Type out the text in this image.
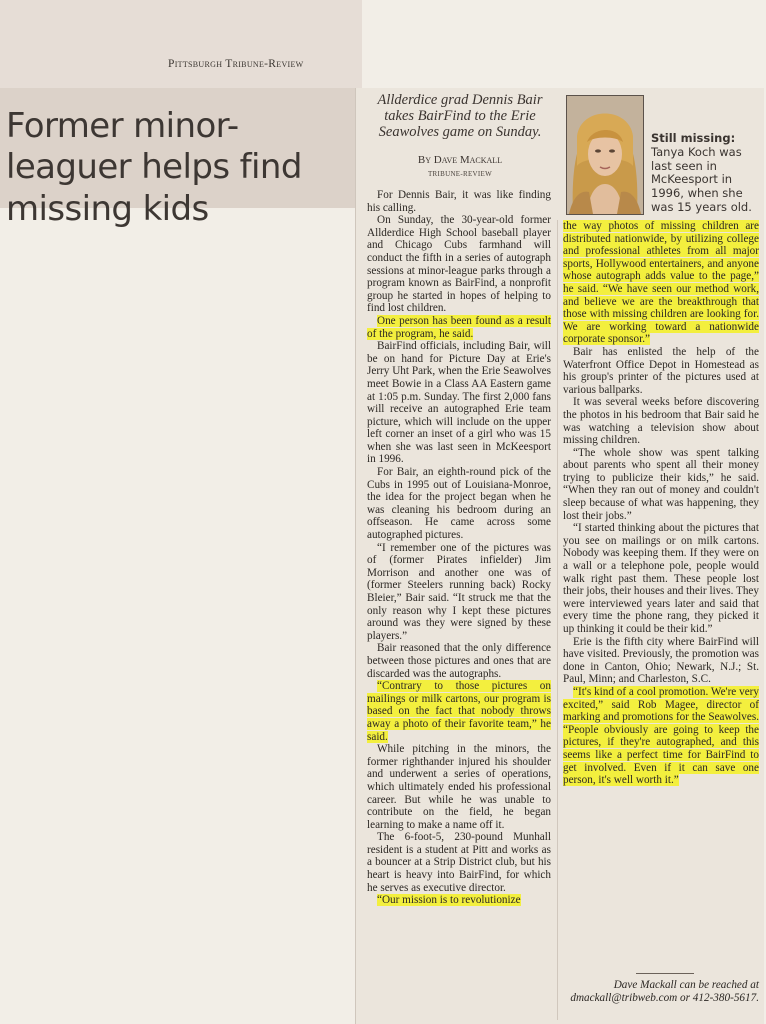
Pittsburgh Tribune-Review
Former minor-leaguer helps find missing kids
Allderdice grad Dennis Bair takes BairFind to the Erie Seawolves game on Sunday.
By Dave Mackall
TRIBUNE-REVIEW
Still missing:
Tanya Koch was last seen in McKeesport in 1996, when she was 15 years old.

For Dennis Bair, it was like finding his calling.

On Sunday, the 30-year-old former Allderdice High School baseball player and Chicago Cubs farmhand will conduct the fifth in a series of autograph sessions at minor-league parks through a program known as BairFind, a nonprofit group he started in hopes of helping to find lost children.

One person has been found as a result of the program, he said.

BairFind officials, including Bair, will be on hand for Picture Day at Erie's Jerry Uht Park, when the Erie Seawolves meet Bowie in a Class AA Eastern game at 1:05 p.m. Sunday. The first 2,000 fans will receive an autographed Erie team picture, which will include on the upper left corner an inset of a girl who was 15 when she was last seen in McKeesport in 1996.

For Bair, an eighth-round pick of the Cubs in 1995 out of Louisiana-Monroe, the idea for the project began when he was cleaning his bedroom during an offseason. He came across some autographed pictures.

“I remember one of the pictures was of (former Pirates infielder) Jim Morrison and another one was of (former Steelers running back) Rocky Bleier,” Bair said. “It struck me that the only reason why I kept these pictures around was they were signed by these players.”

Bair reasoned that the only difference between those pictures and ones that are discarded was the autographs.

“Contrary to those pictures on mailings or milk cartons, our program is based on the fact that nobody throws away a photo of their favorite team,” he said.

While pitching in the minors, the former righthander injured his shoulder and underwent a series of operations, which ultimately ended his professional career. But while he was unable to contribute on the field, he began learning to make a name off it.

The 6-foot-5, 230-pound Munhall resident is a student at Pitt and works as a bouncer at a Strip District club, but his heart is heavy into BairFind, for which he serves as executive director.

“Our mission is to revolutionize

the way photos of missing children are distributed nationwide, by utilizing college and professional athletes from all major sports, Hollywood entertainers, and anyone whose autograph adds value to the page,” he said. “We have seen our method work, and believe we are the breakthrough that those with missing children are looking for. We are working toward a nationwide corporate sponsor.”

Bair has enlisted the help of the Waterfront Office Depot in Homestead as his group's printer of the pictures used at various ballparks.

It was several weeks before discovering the photos in his bedroom that Bair said he was watching a television show about missing children.

“The whole show was spent talking about parents who spent all their money trying to publicize their kids,” he said. “When they ran out of money and couldn't sleep because of what was happening, they lost their jobs.”

“I started thinking about the pictures that you see on mailings or on milk cartons. Nobody was keeping them. If they were on a wall or a telephone pole, people would walk right past them. These people lost their jobs, their houses and their lives. They were interviewed years later and said that every time the phone rang, they picked it up thinking it could be their kid.”

Erie is the fifth city where BairFind will have visited. Previously, the promotion was done in Canton, Ohio; Newark, N.J.; St. Paul, Minn; and Charleston, S.C.

“It's kind of a cool promotion. We're very excited,” said Rob Magee, director of marking and promotions for the Seawolves. “People obviously are going to keep the pictures, if they're autographed, and this seems like a perfect time for BairFind to get involved. Even if it can save one person, it's well worth it.”

Dave Mackall can be reached at dmackall@tribweb.com or 412-380-5617.
